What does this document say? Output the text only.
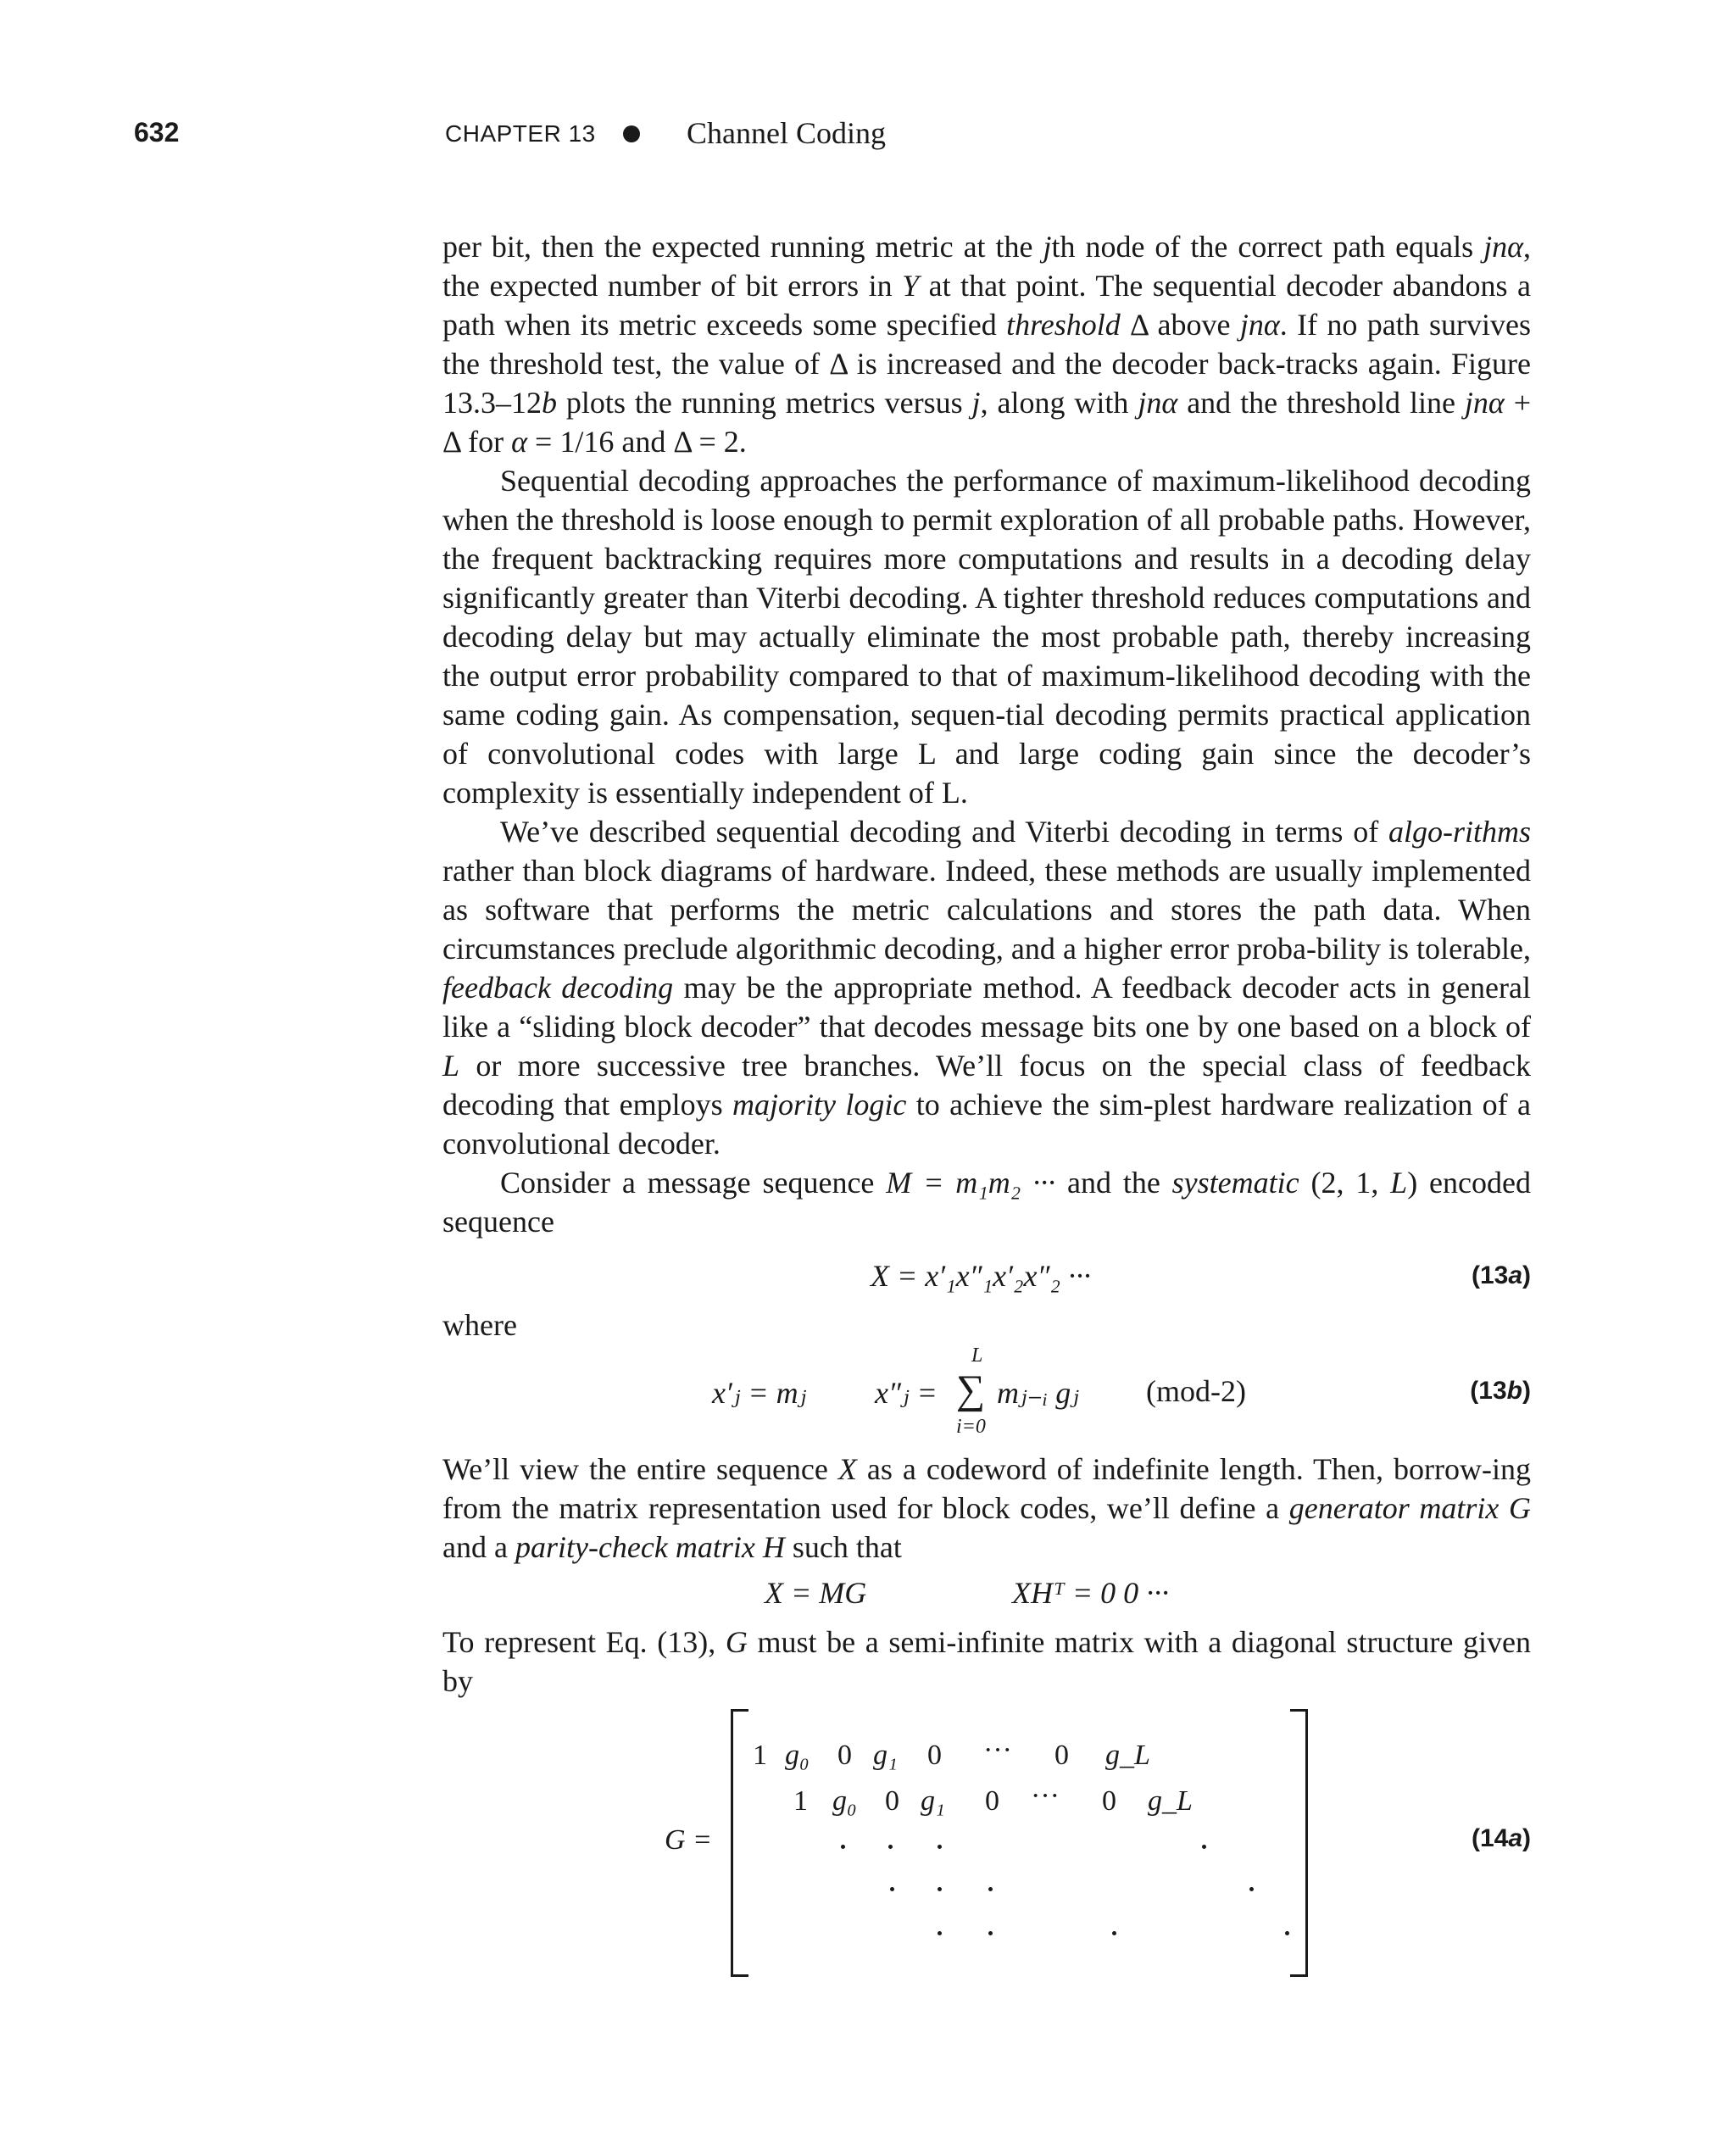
632	CHAPTER 13	Channel Coding

per bit, then the expected running metric at the jth node of the correct path equals jnα, the expected number of bit errors in Y at that point. The sequential decoder abandons a path when its metric exceeds some specified threshold Δ above jnα. If no path survives the threshold test, the value of Δ is increased and the decoder back-tracks again. Figure 13.3–12b plots the running metrics versus j, along with jnα and the threshold line jnα + Δ for α = 1/16 and Δ = 2.

Sequential decoding approaches the performance of maximum-likelihood decoding when the threshold is loose enough to permit exploration of all probable paths. However, the frequent backtracking requires more computations and results in a decoding delay significantly greater than Viterbi decoding. A tighter threshold reduces computations and decoding delay but may actually eliminate the most probable path, thereby increasing the output error probability compared to that of maximum-likelihood decoding with the same coding gain. As compensation, sequen-tial decoding permits practical application of convolutional codes with large L and large coding gain since the decoder’s complexity is essentially independent of L.

We’ve described sequential decoding and Viterbi decoding in terms of algo-rithms rather than block diagrams of hardware. Indeed, these methods are usually implemented as software that performs the metric calculations and stores the path data. When circumstances preclude algorithmic decoding, and a higher error proba-bility is tolerable, feedback decoding may be the appropriate method. A feedback decoder acts in general like a “sliding block decoder” that decodes message bits one by one based on a block of L or more successive tree branches. We’ll focus on the special class of feedback decoding that employs majority logic to achieve the sim-plest hardware realization of a convolutional decoder.

Consider a message sequence M = m₁m₂ ··· and the systematic (2, 1, L) encoded sequence

X = x′₁x″₁x′₂x″₂ ···	(13a)

where

x′ⱼ = mⱼ x″ⱼ =
L
∑
i=0
mⱼ₋ᵢ gⱼ (mod-2)	(13b)

We’ll view the entire sequence X as a codeword of indefinite length. Then, borrow-ing from the matrix representation used for block codes, we’ll define a generator matrix G and a parity-check matrix H such that

X = MG	XHᵀ = 0 0 ···

To represent Eq. (13), G must be a semi-infinite matrix with a diagonal structure given by

G =
1 g₀ 0 g₁ 0 ··· 0 g_L
1 g₀ 0 g₁ 0 ··· 0 g_L
(14a)
